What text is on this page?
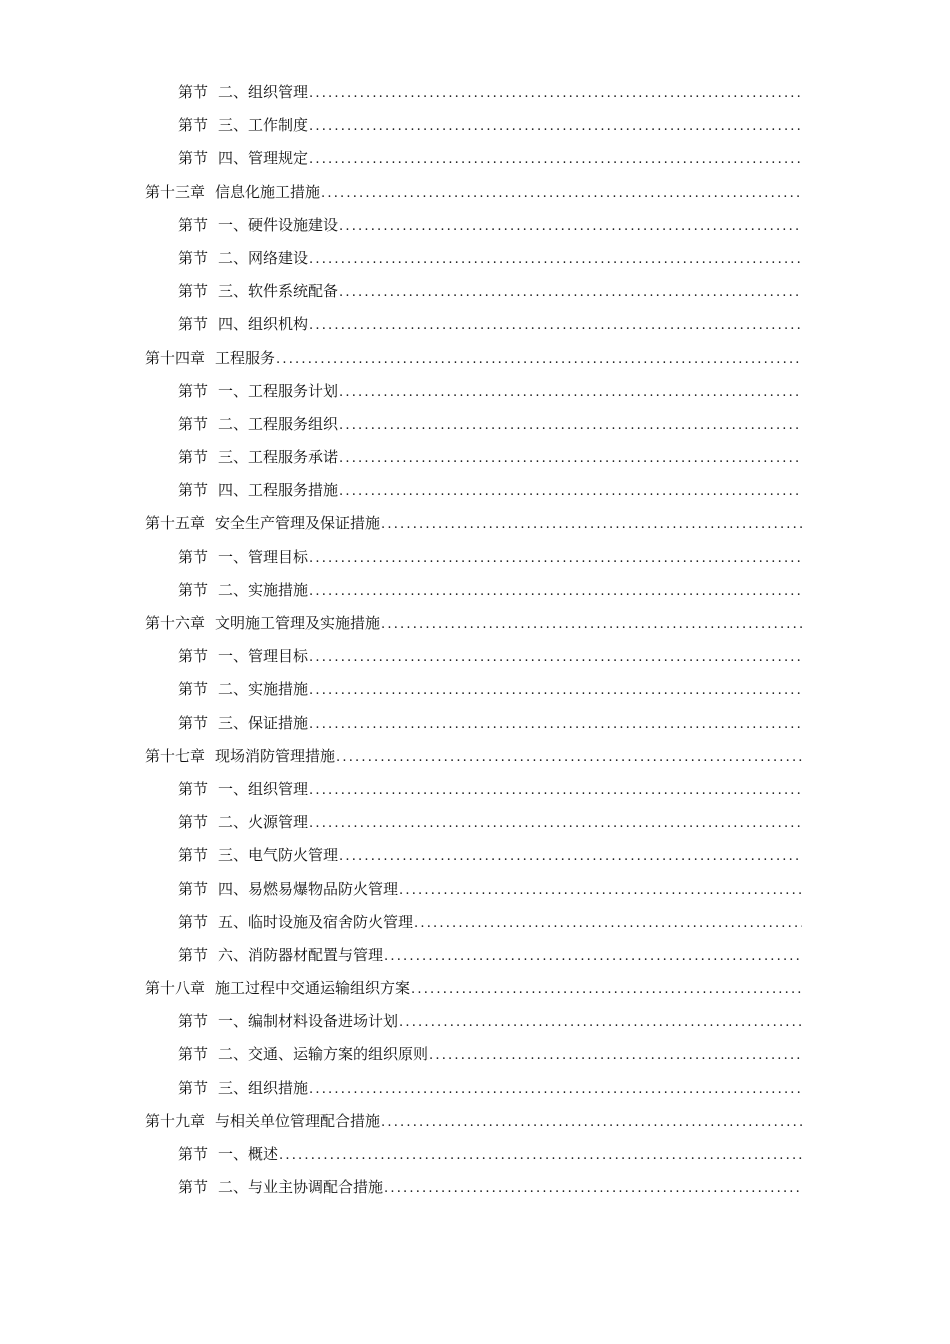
第节 二、组织管理
.....
第节 三、工作制度
.....
第节 四、管理规定
.....
第十三章 信息化施工措施
.....
第节 一、硬件设施建设
.....
第节 二、网络建设
.....
第节 三、软件系统配备
.....
第节 四、组织机构
.....
第十四章 工程服务
.....
第节 一、工程服务计划
.....
第节 二、工程服务组织
.....
第节 三、工程服务承诺
.....
第节 四、工程服务措施
.....
第十五章 安全生产管理及保证措施
.....
第节 一、管理目标
.....
第节 二、实施措施
.....
第十六章 文明施工管理及实施措施
.....
第节 一、管理目标
.....
第节 二、实施措施
.....
第节 三、保证措施
.....
第十七章 现场消防管理措施
.....
第节 一、组织管理
.....
第节 二、火源管理
.....
第节 三、电气防火管理
.....
第节 四、易燃易爆物品防火管理
.....
第节 五、临时设施及宿舍防火管理
.....
第节 六、消防器材配置与管理
.....
第十八章 施工过程中交通运输组织方案
.....
第节 一、编制材料设备进场计划
.....
第节 二、交通、运输方案的组织原则
.....
第节 三、组织措施
.....
第十九章 与相关单位管理配合措施
.....
第节 一、概述
.....
第节 二、与业主协调配合措施
.....
